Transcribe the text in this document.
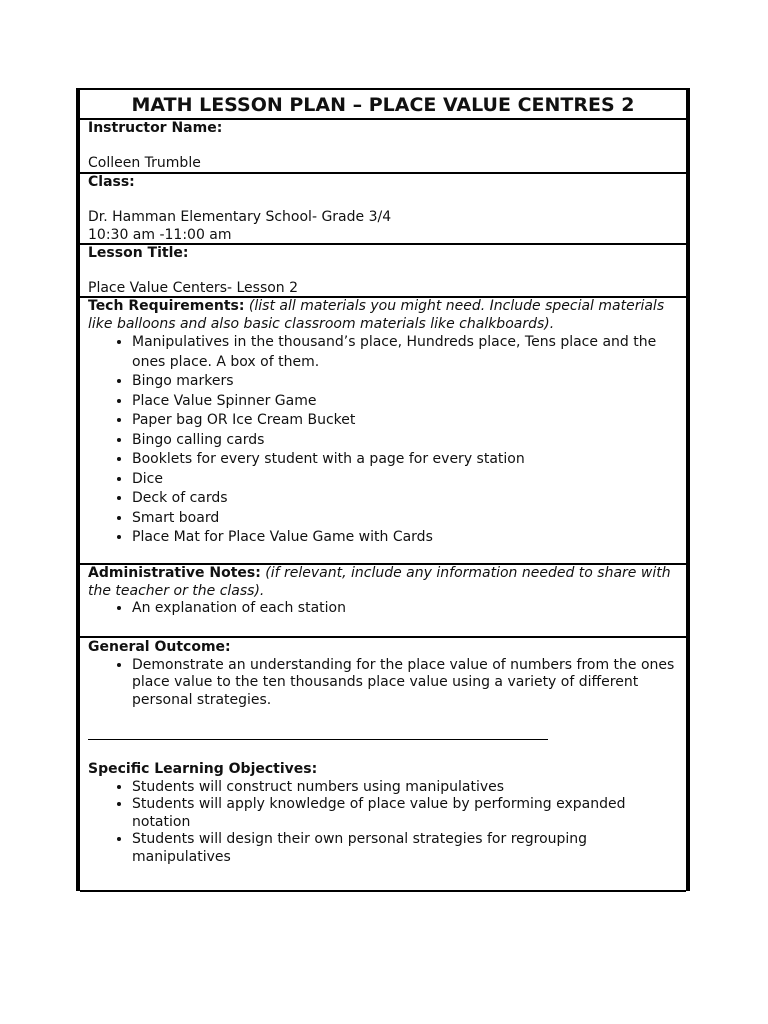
MATH LESSON PLAN – PLACE VALUE CENTRES 2
Instructor Name:
Colleen Trumble
Class:
Dr. Hamman Elementary School- Grade 3/4
10:30 am -11:00 am
Lesson Title:
Place Value Centers- Lesson 2
Tech Requirements: (list all materials you might need. Include special materials like balloons and also basic classroom materials like chalkboards).
• Manipulatives in the thousand’s place, Hundreds place, Tens place and the ones place. A box of them.
• Bingo markers
• Place Value Spinner Game
• Paper bag OR Ice Cream Bucket
• Bingo calling cards
• Booklets for every student with a page for every station
• Dice
• Deck of cards
• Smart board
• Place Mat for Place Value Game with Cards
Administrative Notes: (if relevant, include any information needed to share with the teacher or the class).
• An explanation of each station
General Outcome:
• Demonstrate an understanding for the place value of numbers from the ones place value to the ten thousands place value using a variety of different personal strategies.
Specific Learning Objectives:
• Students will construct numbers using manipulatives
• Students will apply knowledge of place value by performing expanded notation
• Students will design their own personal strategies for regrouping manipulatives
